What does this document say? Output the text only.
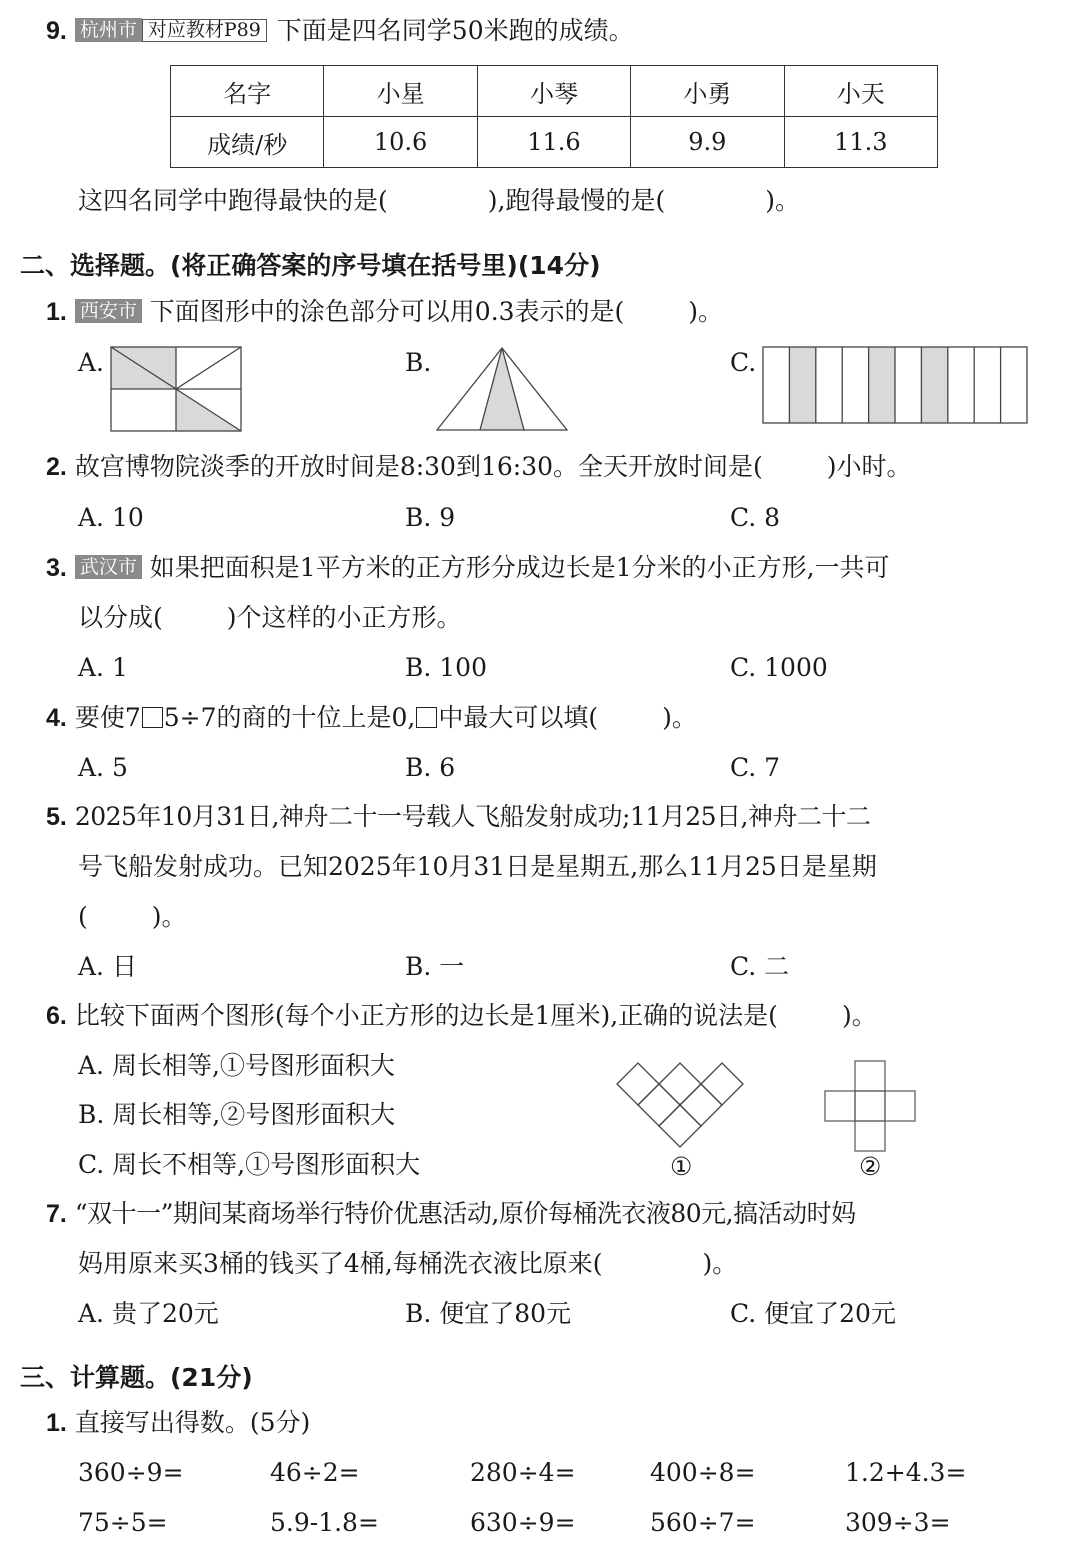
9. 杭州市 对应教材P89 下面是四名同学50米跑的成绩。
名字	小星	小琴	小勇	小天
成绩/秒	10.6	11.6	9.9	11.3
这四名同学中跑得最快的是(	),跑得最慢的是(	)。
二、选择题。(将正确答案的序号填在括号里)(14分)
1. 西安市 下面图形中的涂色部分可以用0.3表示的是(	)。
A.	B.	C.
2. 故宫博物院淡季的开放时间是8:30到16:30。全天开放时间是(	)小时。
A. 10	B. 9	C. 8
3. 武汉市 如果把面积是1平方米的正方形分成边长是1分米的小正方形,一共可
以分成(	)个这样的小正方形。
A. 1	B. 100	C. 1000
4. 要使7 5÷7的商的十位上是0, 中最大可以填(	)。
A. 5	B. 6	C. 7
5. 2025年10月31日,神舟二十一号载人飞船发射成功;11月25日,神舟二十二
号飞船发射成功。已知2025年10月31日是星期五,那么11月25日是星期
(	)。
A. 日	B. 一	C. 二
6. 比较下面两个图形(每个小正方形的边长是1厘米),正确的说法是(	)。
A. 周长相等,①号图形面积大
B. 周长相等,②号图形面积大
C. 周长不相等,①号图形面积大	①	②
7. “双十一”期间某商场举行特价优惠活动,原价每桶洗衣液80元,搞活动时妈
妈用原来买3桶的钱买了4桶,每桶洗衣液比原来(	)。
A. 贵了20元	B. 便宜了80元	C. 便宜了20元
三、计算题。(21分)
1. 直接写出得数。(5分)
360÷9=	46÷2=	280÷4=	400÷8=	1.2+4.3=
75÷5=	5.9-1.8=	630÷9=	560÷7=	309÷3=
